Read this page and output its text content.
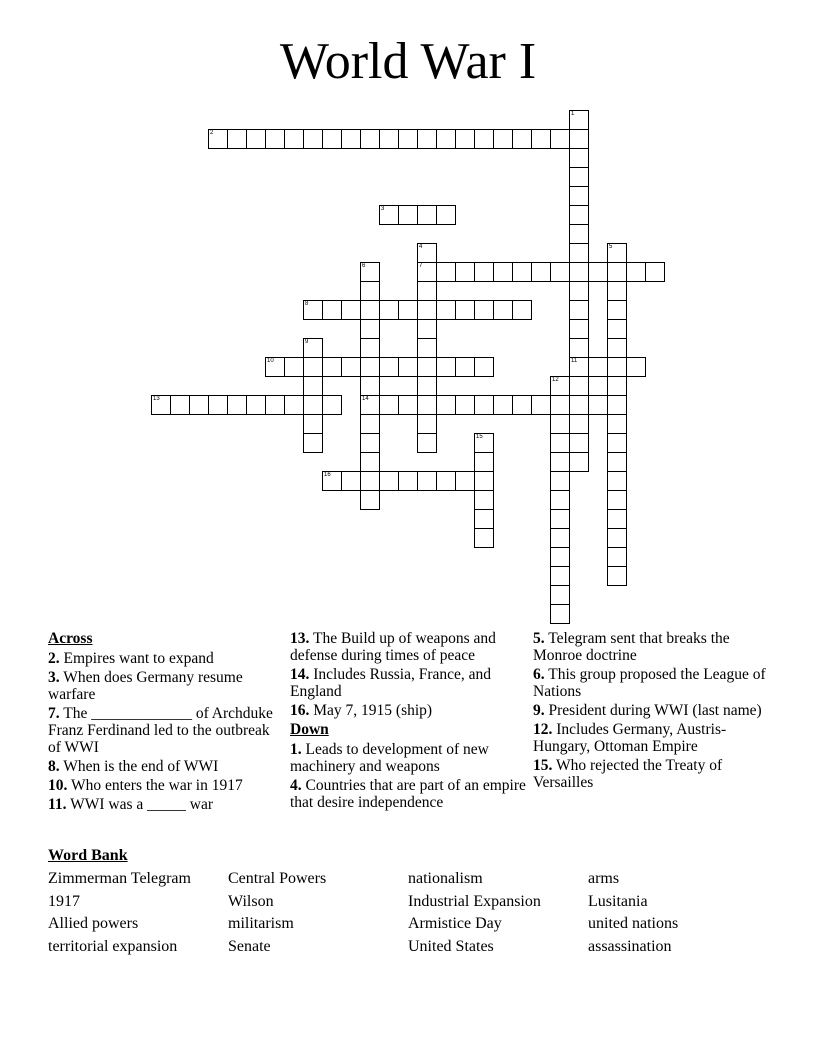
World War I
1
11
2
3
4
7
5
6
14
8
9
10
12
13
15
16
Across
2. Empires want to expand
3. When does Germany resume warfare
7. The _____________ of Archduke Franz Ferdinand led to the outbreak of WWI
8. When is the end of WWI
10. Who enters the war in 1917
11. WWI was a _____ war
13. The Build up of weapons and defense during times of peace
14. Includes Russia, France, and England
16. May 7, 1915 (ship)
Down
1. Leads to development of new machinery and weapons
4. Countries that are part of an empire that desire independence
5. Telegram sent that breaks the Monroe doctrine
6. This group proposed the League of Nations
9. President during WWI (last name)
12. Includes Germany, Austris-Hungary, Ottoman Empire
15. Who rejected the Treaty of Versailles
Word Bank
Zimmerman Telegram	Central Powers	nationalism	arms
1917	Wilson	Industrial Expansion	Lusitania
Allied powers	militarism	Armistice Day	united nations
territorial expansion	Senate	United States	assassination
